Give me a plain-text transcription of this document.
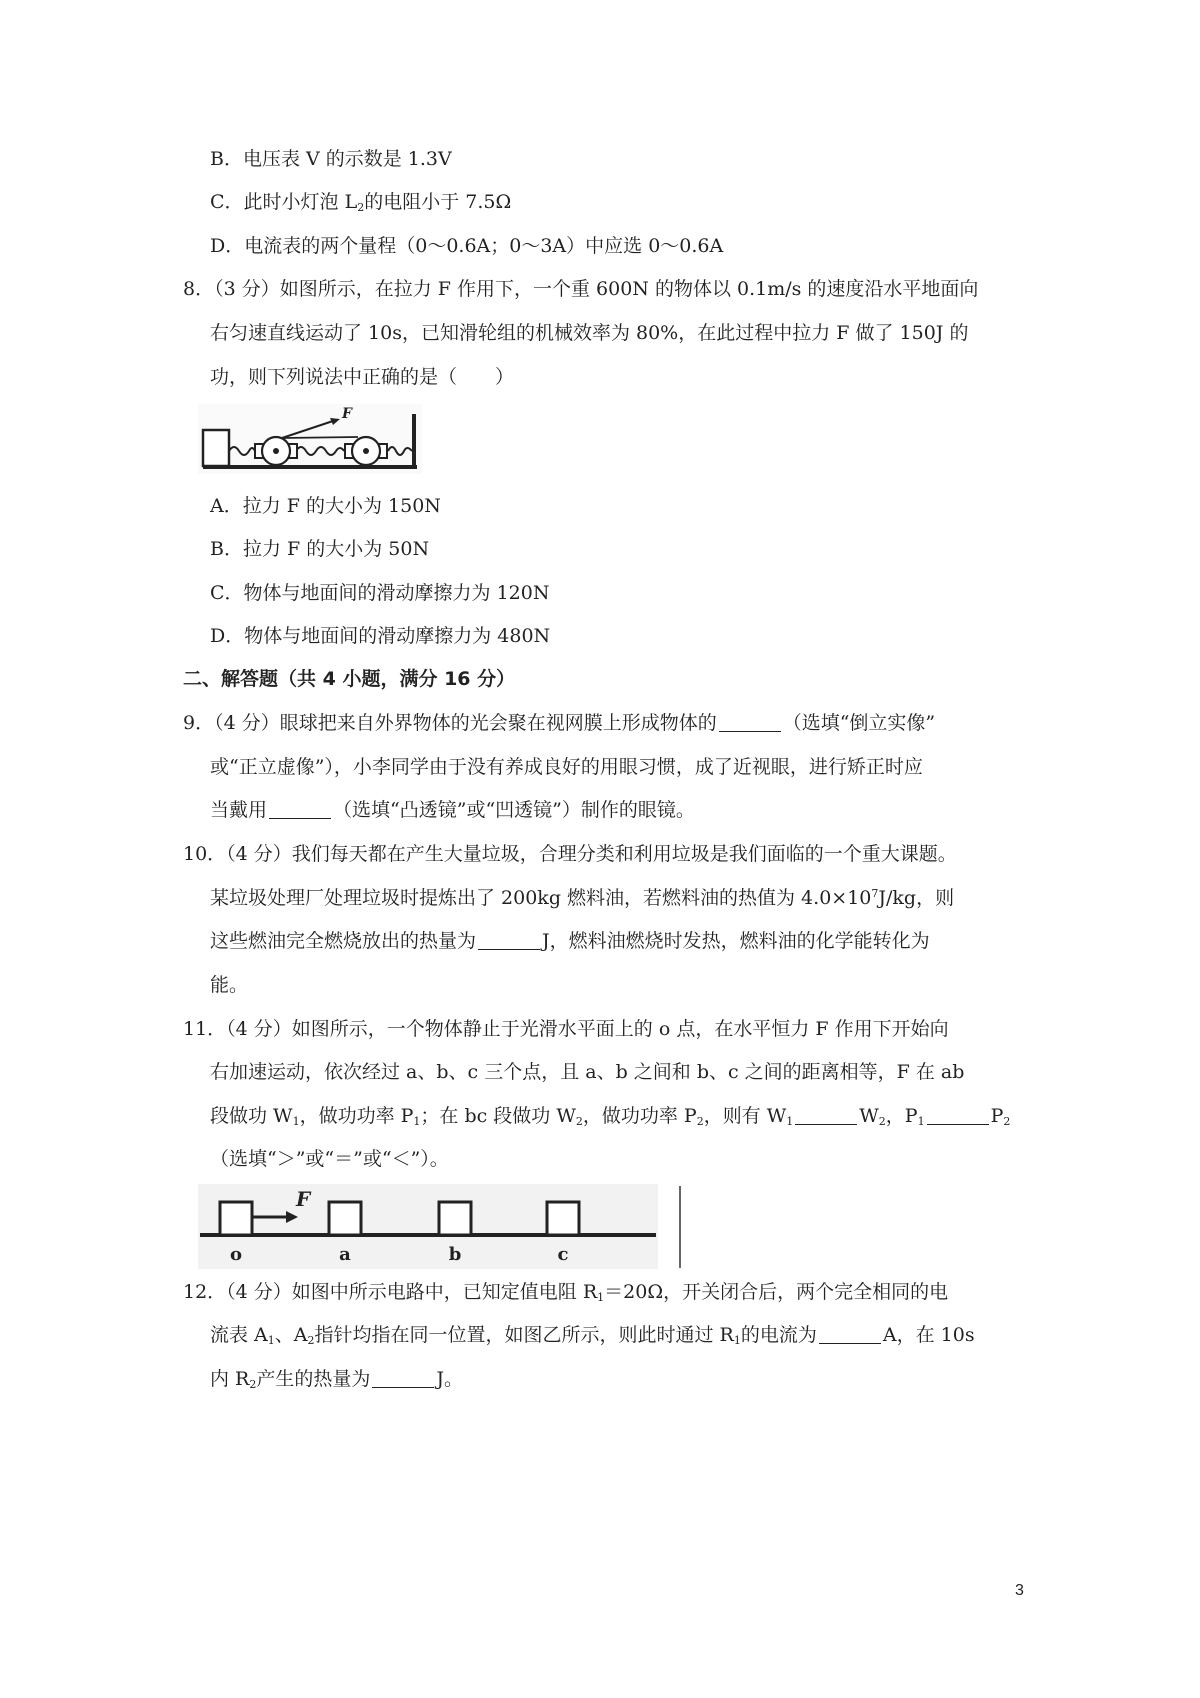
B．电压表 V 的示数是 1.3V
C．此时小灯泡 $L_2$的电阻小于 7.5Ω
D．电流表的两个量程（0～0.6A；0～3A）中应选 0～0.6A
8．（3 分）如图所示，在拉力 F 作用下，一个重 600N 的物体以 0.1m/s 的速度沿水平地面向
右匀速直线运动了 10s，已知滑轮组的机械效率为 80%，在此过程中拉力 F 做了 150J 的
功，则下列说法中正确的是（　　）
F
A．拉力 F 的大小为 150N
B．拉力 F 的大小为 50N
C．物体与地面间的滑动摩擦力为 120N
D．物体与地面间的滑动摩擦力为 480N
二、解答题（共 4 小题，满分 16 分）
9．（4 分）眼球把来自外界物体的光会聚在视网膜上形成物体的	（选填“倒立实像”
或“正立虚像”），小李同学由于没有养成良好的用眼习惯，成了近视眼，进行矫正时应
当戴用	（选填“凸透镜”或“凹透镜”）制作的眼镜。
10．（4 分）我们每天都在产生大量垃圾，合理分类和利用垃圾是我们面临的一个重大课题。
某垃圾处理厂处理垃圾时提炼出了 200kg 燃料油，若燃料油的热值为 $4.0\times 10^7J/kg$，则
这些燃油完全燃烧放出的热量为	J，燃料油燃烧时发热，燃料油的化学能转化为
能。
11．（4 分）如图所示，一个物体静止于光滑水平面上的 o 点，在水平恒力 F 作用下开始向
右加速运动，依次经过 a、b、c 三个点，且 a、b 之间和 b、c 之间的距离相等，F 在 ab
段做功 $W_1$，做功功率 $P_1$；在 bc 段做功 $W_2$，做功功率 $P_2$，则有 $W_1$	$W_2$，$P_1$	$P_2$
（选填“＞”或“＝”或“＜”）。
F
o	a	b	c
12．（4 分）如图中所示电路中，已知定值电阻 $R_1=20\Omega$，开关闭合后，两个完全相同的电
流表 $A_1$、$A_2$指针均指在同一位置，如图乙所示，则此时通过 $R_1$的电流为	A，在 10s
内 $R_2$产生的热量为	J。
3
